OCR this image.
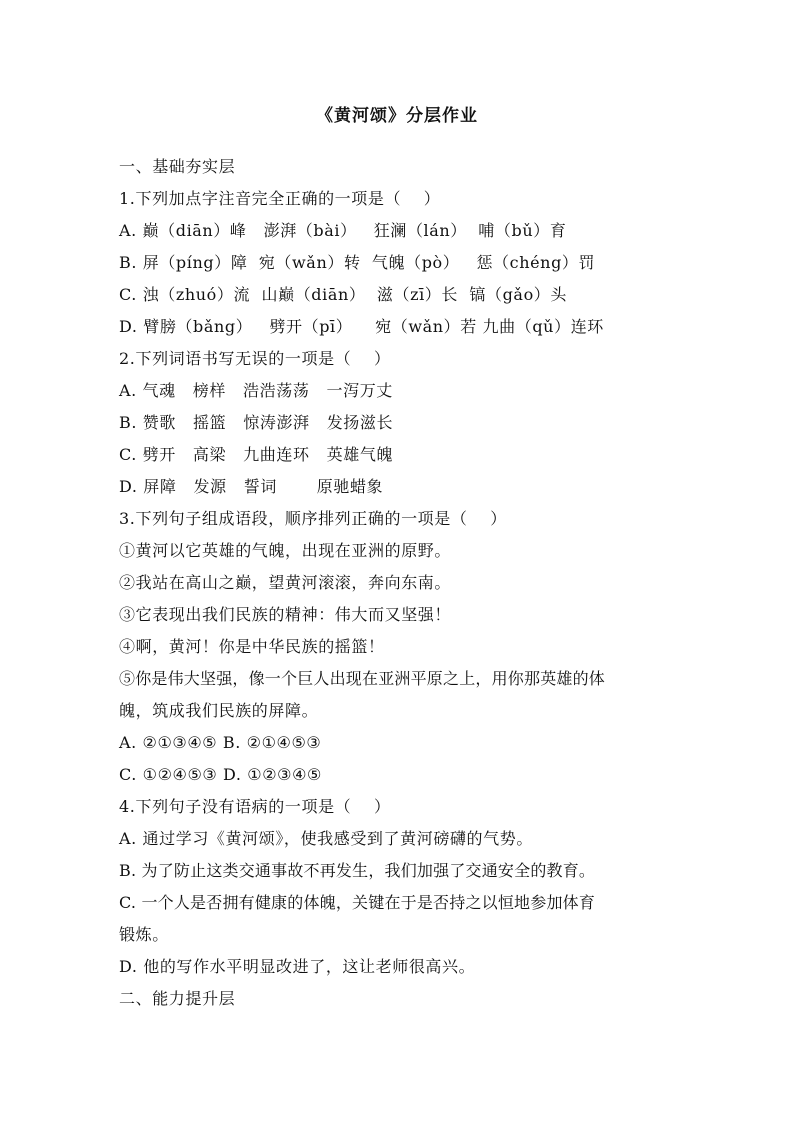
《黄河颂》分层作业
一、基础夯实层
1.下列加点字注音完全正确的一项是（    ）
A. 巅（diān）峰   澎湃（bài）   狂澜（lán）  哺（bǔ）育
B. 屏（píng）障  宛（wǎn）转  气魄（pò）   惩（chéng）罚
C. 浊（zhuó）流  山巅（diān）  滋（zī）长  镐（gǎo）头
D. 臂膀（bǎng）   劈开（pī）    宛（wǎn）若 九曲（qǔ）连环
2.下列词语书写无误的一项是（    ）
A. 气魂   榜样   浩浩荡荡   一泻万丈
B. 赞歌   摇篮   惊涛澎湃   发扬滋长
C. 劈开   高梁   九曲连环   英雄气魄
D. 屏障   发源   誓词       原驰蜡象
3.下列句子组成语段，顺序排列正确的一项是（    ）
①黄河以它英雄的气魄，出现在亚洲的原野。
②我站在高山之巅，望黄河滚滚，奔向东南。
③它表现出我们民族的精神：伟大而又坚强！
④啊，黄河！你是中华民族的摇篮！
⑤你是伟大坚强，像一个巨人出现在亚洲平原之上，用你那英雄的体
魄，筑成我们民族的屏障。
A. ②①③④⑤ B. ②①④⑤③
C. ①②④⑤③ D. ①②③④⑤
4.下列句子没有语病的一项是（    ）
A. 通过学习《黄河颂》，使我感受到了黄河磅礴的气势。
B. 为了防止这类交通事故不再发生，我们加强了交通安全的教育。
C. 一个人是否拥有健康的体魄，关键在于是否持之以恒地参加体育
锻炼。
D. 他的写作水平明显改进了，这让老师很高兴。
二、能力提升层
